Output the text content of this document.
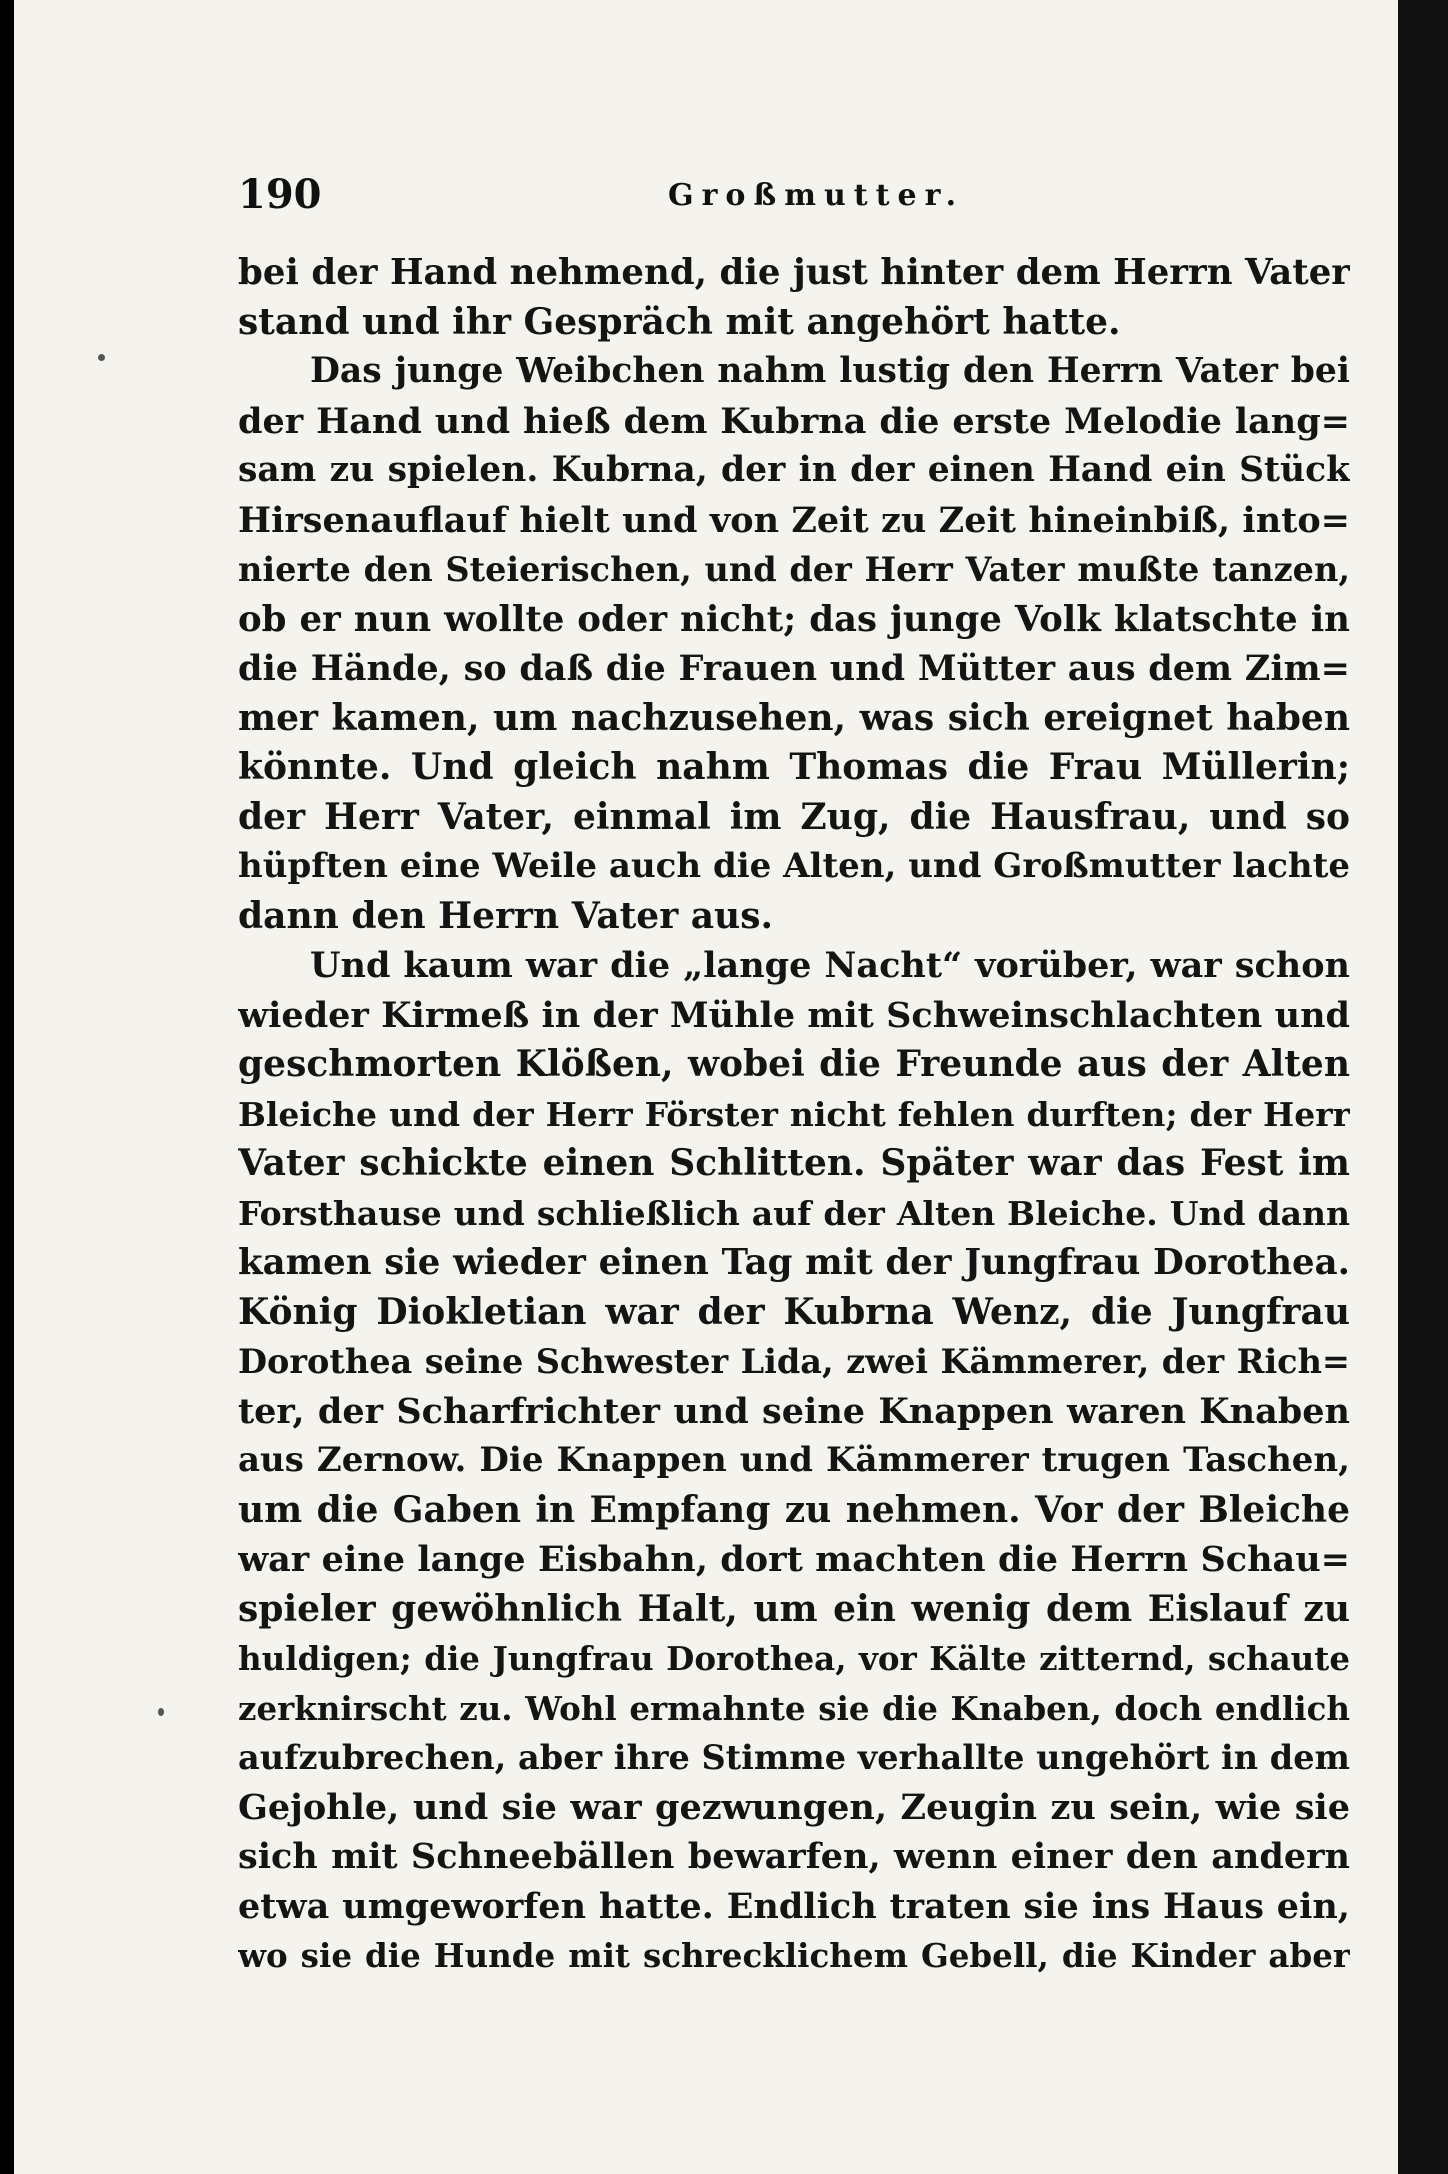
190	Großmutter.
bei der Hand nehmend, die just hinter dem Herrn Vater
stand und ihr Gespräch mit angehört hatte.
Das junge Weibchen nahm lustig den Herrn Vater bei
der Hand und hieß dem Kubrna die erste Melodie lang=
sam zu spielen. Kubrna, der in der einen Hand ein Stück
Hirsenauflauf hielt und von Zeit zu Zeit hineinbiß, into=
nierte den Steierischen, und der Herr Vater mußte tanzen,
ob er nun wollte oder nicht; das junge Volk klatschte in
die Hände, so daß die Frauen und Mütter aus dem Zim=
mer kamen, um nachzusehen, was sich ereignet haben
könnte. Und gleich nahm Thomas die Frau Müllerin;
der Herr Vater, einmal im Zug, die Hausfrau, und so
hüpften eine Weile auch die Alten, und Großmutter lachte
dann den Herrn Vater aus.
Und kaum war die „lange Nacht“ vorüber, war schon
wieder Kirmeß in der Mühle mit Schweinschlachten und
geschmorten Klößen, wobei die Freunde aus der Alten
Bleiche und der Herr Förster nicht fehlen durften; der Herr
Vater schickte einen Schlitten. Später war das Fest im
Forsthause und schließlich auf der Alten Bleiche. Und dann
kamen sie wieder einen Tag mit der Jungfrau Dorothea.
König Diokletian war der Kubrna Wenz, die Jungfrau
Dorothea seine Schwester Lida, zwei Kämmerer, der Rich=
ter, der Scharfrichter und seine Knappen waren Knaben
aus Zernow. Die Knappen und Kämmerer trugen Taschen,
um die Gaben in Empfang zu nehmen. Vor der Bleiche
war eine lange Eisbahn, dort machten die Herrn Schau=
spieler gewöhnlich Halt, um ein wenig dem Eislauf zu
huldigen; die Jungfrau Dorothea, vor Kälte zitternd, schaute
zerknirscht zu. Wohl ermahnte sie die Knaben, doch endlich
aufzubrechen, aber ihre Stimme verhallte ungehört in dem
Gejohle, und sie war gezwungen, Zeugin zu sein, wie sie
sich mit Schneebällen bewarfen, wenn einer den andern
etwa umgeworfen hatte. Endlich traten sie ins Haus ein,
wo sie die Hunde mit schrecklichem Gebell, die Kinder aber
